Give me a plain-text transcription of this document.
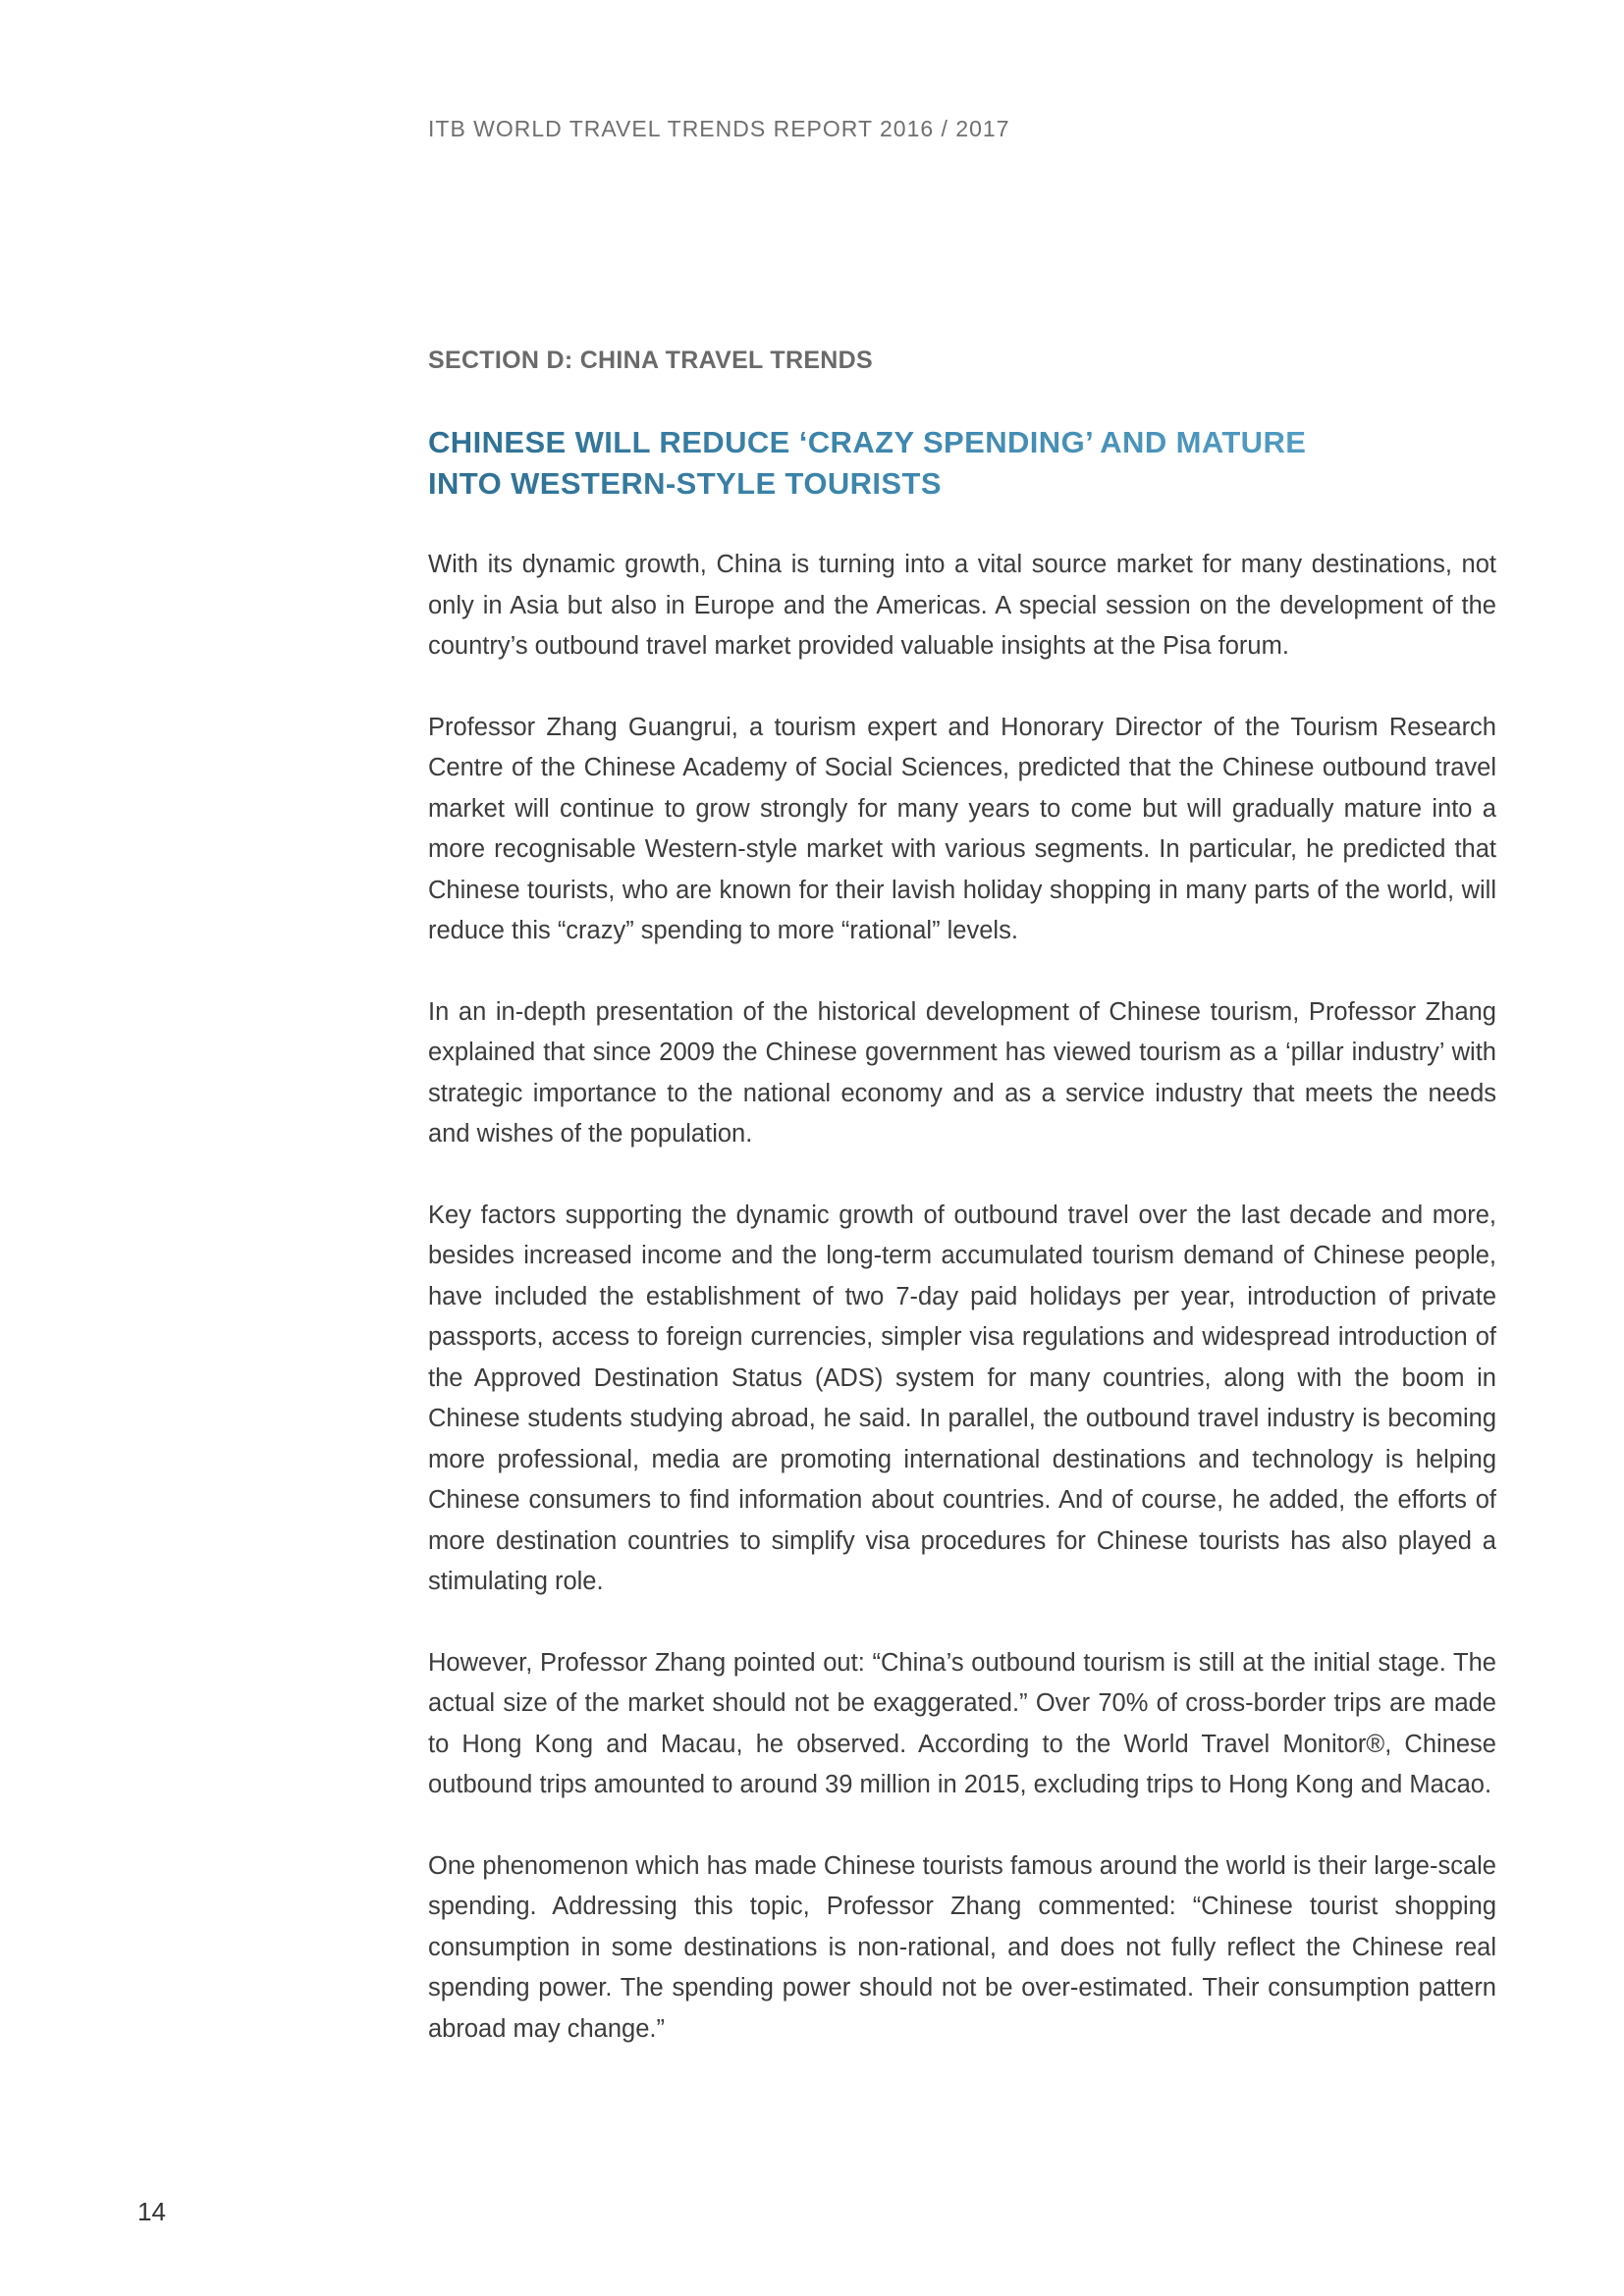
ITB WORLD TRAVEL TRENDS REPORT 2016 / 2017
SECTION D: CHINA TRAVEL TRENDS
CHINESE WILL REDUCE ‘CRAZY SPENDING’ AND MATURE
INTO WESTERN-STYLE TOURISTS

With its dynamic growth, China is turning into a vital source market for many destinations, not only in Asia but also in Europe and the Americas. A special session on the development of the country’s outbound travel market provided valuable insights at the Pisa forum.

Professor Zhang Guangrui, a tourism expert and Honorary Director of the Tourism Research Centre of the Chinese Academy of Social Sciences, predicted that the Chinese outbound travel market will continue to grow strongly for many years to come but will gradually mature into a more recognisable Western-style market with various segments. In particular, he predicted that Chinese tourists, who are known for their lavish holiday shopping in many parts of the world, will reduce this “crazy” spending to more “rational” levels.

In an in-depth presentation of the historical development of Chinese tourism, Professor Zhang explained that since 2009 the Chinese government has viewed tourism as a ‘pillar industry’ with strategic importance to the national economy and as a service industry that meets the needs and wishes of the population.

Key factors supporting the dynamic growth of outbound travel over the last decade and more, besides increased income and the long-term accumulated tourism demand of Chinese people, have included the establishment of two 7-day paid holidays per year, introduction of private passports, access to foreign currencies, simpler visa regulations and widespread introduction of the Approved Destination Status (ADS) system for many countries, along with the boom in Chinese students studying abroad, he said. In parallel, the outbound travel industry is becoming more professional, media are promoting international destinations and technology is helping Chinese consumers to find information about countries. And of course, he added, the efforts of more destination countries to simplify visa procedures for Chinese tourists has also played a stimulating role.

However, Professor Zhang pointed out: “China’s outbound tourism is still at the initial stage. The actual size of the market should not be exaggerated.” Over 70% of cross-border trips are made to Hong Kong and Macau, he observed. According to the World Travel Monitor®, Chinese outbound trips amounted to around 39 million in 2015, excluding trips to Hong Kong and Macao.

One phenomenon which has made Chinese tourists famous around the world is their large-scale spending. Addressing this topic, Professor Zhang commented: “Chinese tourist shopping consumption in some destinations is non-rational, and does not fully reflect the Chinese real spending power. The spending power should not be over-estimated. Their consumption pattern abroad may change.”

14
